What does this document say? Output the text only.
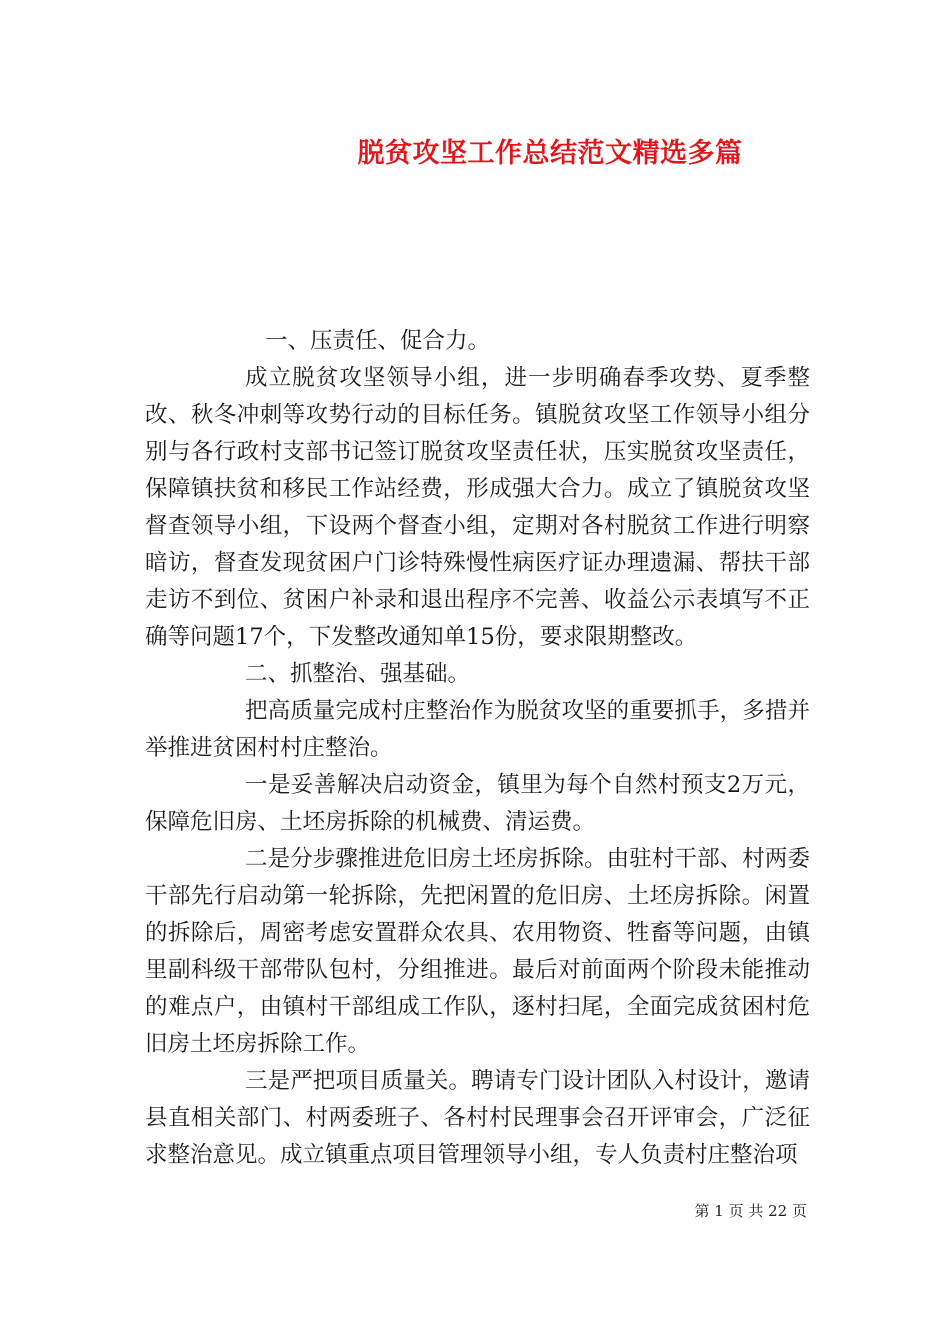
脱贫攻坚工作总结范文精选多篇

一、压责任、促合力。

成立脱贫攻坚领导小组，进一步明确春季攻势、夏季整改、秋冬冲刺等攻势行动的目标任务。镇脱贫攻坚工作领导小组分别与各行政村支部书记签订脱贫攻坚责任状，压实脱贫攻坚责任，保障镇扶贫和移民工作站经费，形成强大合力。成立了镇脱贫攻坚督查领导小组，下设两个督查小组，定期对各村脱贫工作进行明察暗访，督查发现贫困户门诊特殊慢性病医疗证办理遗漏、帮扶干部走访不到位、贫困户补录和退出程序不完善、收益公示表填写不正确等问题17个，下发整改通知单15份，要求限期整改。

二、抓整治、强基础。

把高质量完成村庄整治作为脱贫攻坚的重要抓手，多措并举推进贫困村村庄整治。

一是妥善解决启动资金，镇里为每个自然村预支2万元，保障危旧房、土坯房拆除的机械费、清运费。

二是分步骤推进危旧房土坯房拆除。由驻村干部、村两委干部先行启动第一轮拆除，先把闲置的危旧房、土坯房拆除。闲置的拆除后，周密考虑安置群众农具、农用物资、牲畜等问题，由镇里副科级干部带队包村，分组推进。最后对前面两个阶段未能推动的难点户，由镇村干部组成工作队，逐村扫尾，全面完成贫困村危旧房土坯房拆除工作。

三是严把项目质量关。聘请专门设计团队入村设计，邀请县直相关部门、村两委班子、各村村民理事会召开评审会，广泛征求整治意见。成立镇重点项目管理领导小组，专人负责村庄整治项

第 1 页 共 22 页
